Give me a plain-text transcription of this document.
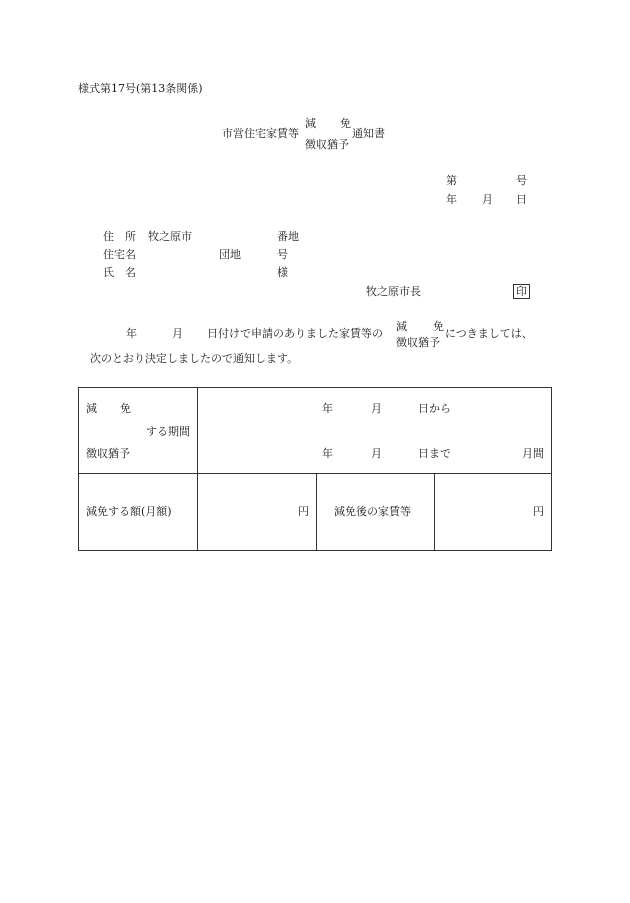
様式第17号(第13条関係)
市営住宅家賃等
減 免
徴収猶予
通知書
第	号
年 月 日
住　所 牧之原市	番地
住宅名	団地	号
氏　名	様
牧之原市長	印
年	月 日付けで申請のありました家賃等の
減 免
徴収猶予
につきましては、
次のとおり決定しましたので通知します。
減 免
する期間
徴収猶予
年	月	日から
年	月	日まで	月間
減免する額(月額)	円 減免後の家賃等	円
